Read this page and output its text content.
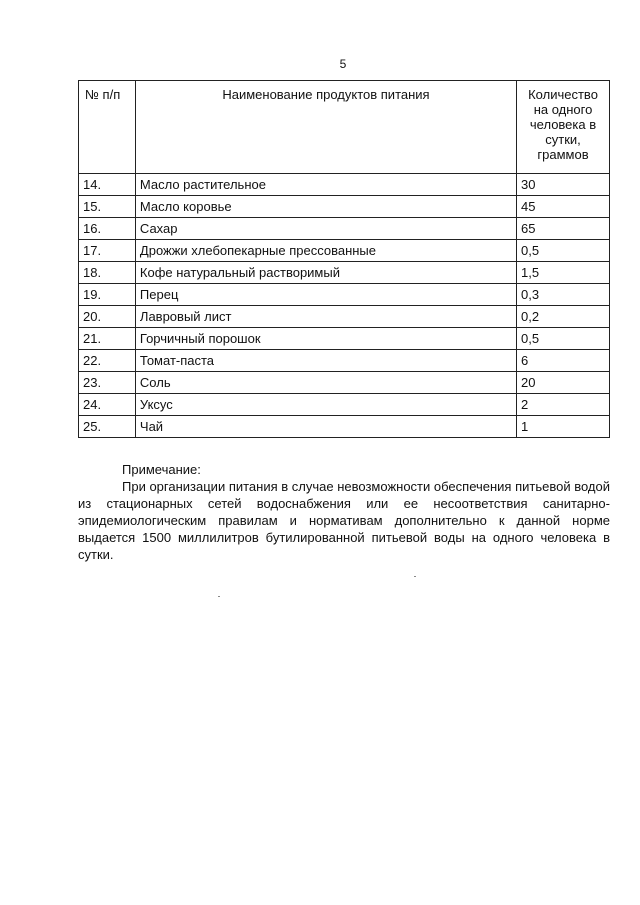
5
№ п/п	Наименование продуктов питания	Количество на одного человека в сутки, граммов
14.	Масло растительное	30
15.	Масло коровье	45
16.	Сахар	65
17.	Дрожжи хлебопекарные прессованные	0,5
18.	Кофе натуральный растворимый	1,5
19.	Перец	0,3
20.	Лавровый лист	0,2
21.	Горчичный порошок	0,5
22.	Томат-паста	6
23.	Соль	20
24.	Уксус	2
25.	Чай	1
Примечание:
При организации питания в случае невозможности обеспечения питьевой водой из стационарных сетей водоснабжения или ее несоответствия санитарно-эпидемиологическим правилам и нормативам дополнительно к данной норме выдается 1500 миллилитров бутилированной питьевой воды на одного человека в сутки.
